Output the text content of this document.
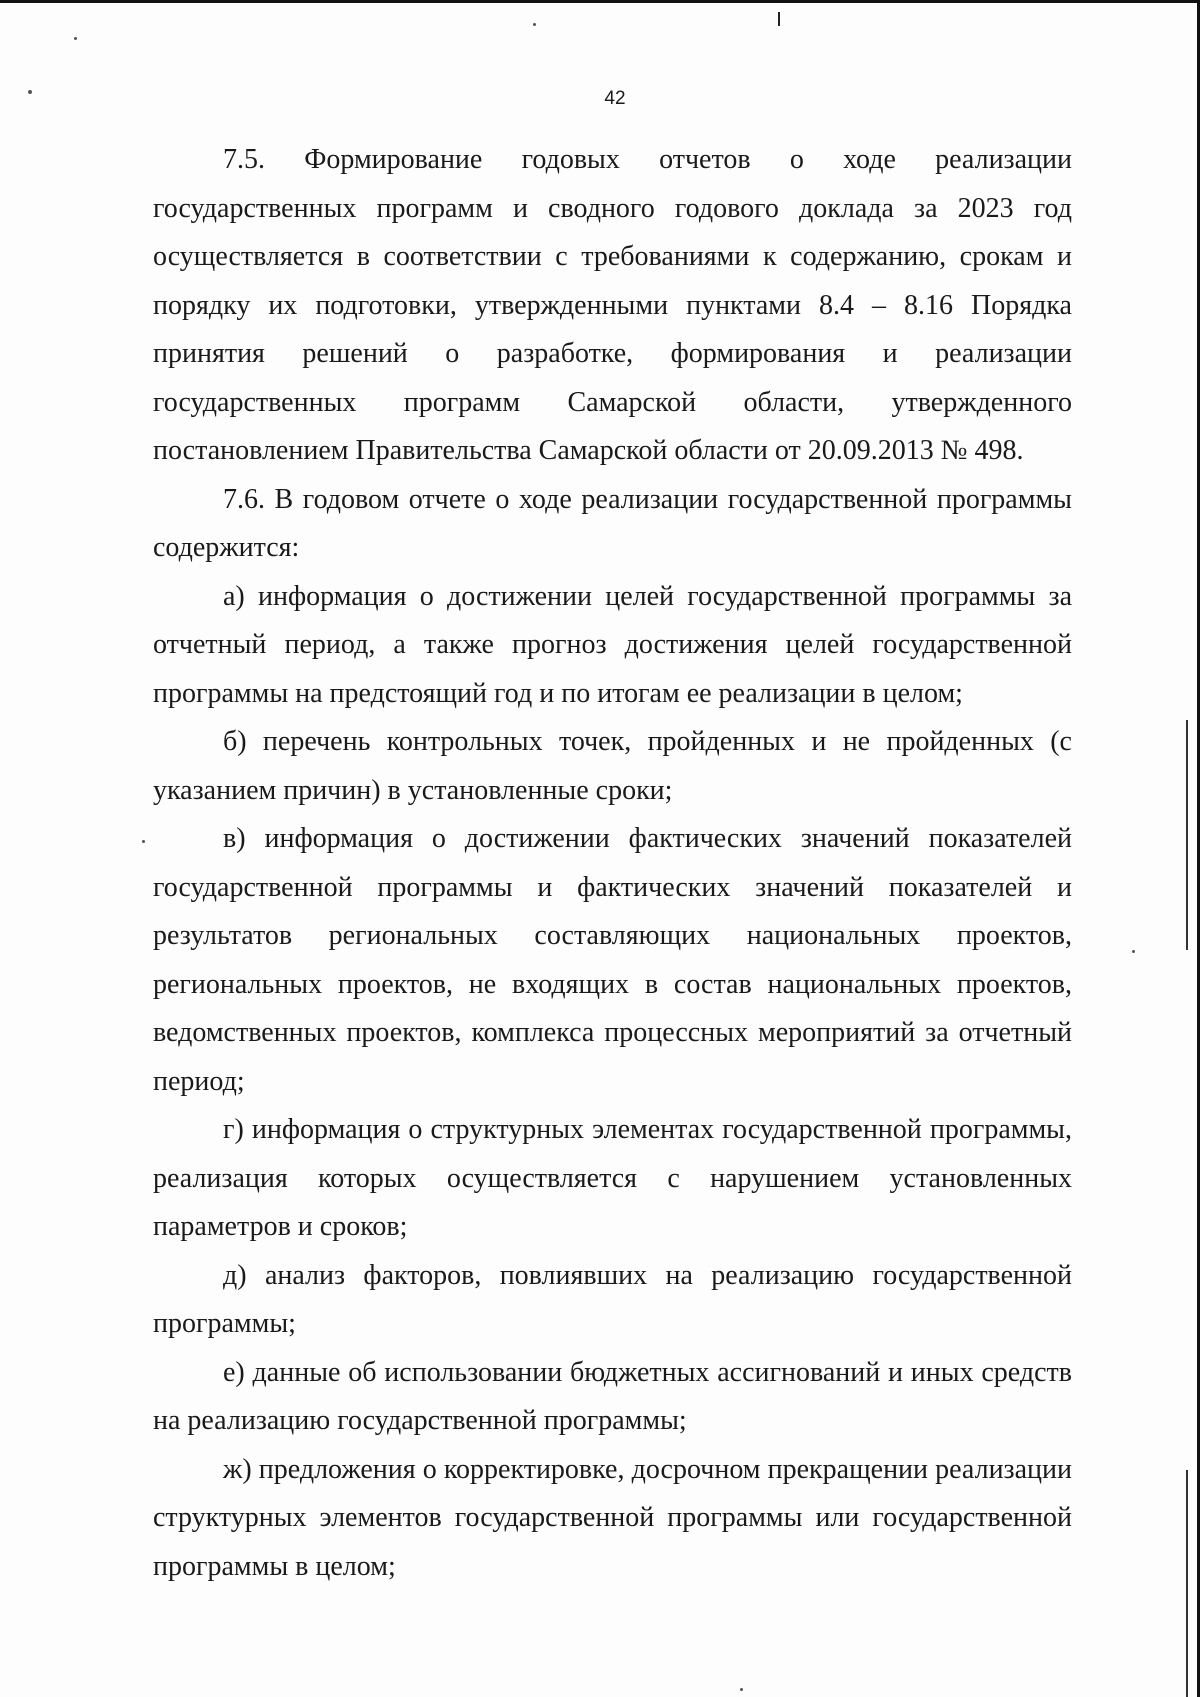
42

7.5. Формирование годовых отчетов о ходе реализации государственных программ и сводного годового доклада за 2023 год осуществляется в соответствии с требованиями к содержанию, срокам и порядку их подготовки, утвержденными пунктами 8.4 – 8.16 Порядка принятия решений о разработке, формирования и реализации государственных программ Самарской области, утвержденного постановлением Правительства Самарской области от 20.09.2013 № 498.

7.6. В годовом отчете о ходе реализации государственной программы содержится:

а) информация о достижении целей государственной программы за отчетный период, а также прогноз достижения целей государственной программы на предстоящий год и по итогам ее реализации в целом;

б) перечень контрольных точек, пройденных и не пройденных (с указанием причин) в установленные сроки;

в) информация о достижении фактических значений показателей государственной программы и фактических значений показателей и результатов региональных составляющих национальных проектов, региональных проектов, не входящих в состав национальных проектов, ведомственных проектов, комплекса процессных мероприятий за отчетный период;

г) информация о структурных элементах государственной программы, реализация которых осуществляется с нарушением установленных параметров и сроков;

д) анализ факторов, повлиявших на реализацию государственной программы;

е) данные об использовании бюджетных ассигнований и иных средств на реализацию государственной программы;

ж) предложения о корректировке, досрочном прекращении реализации структурных элементов государственной программы или государственной программы в целом;
